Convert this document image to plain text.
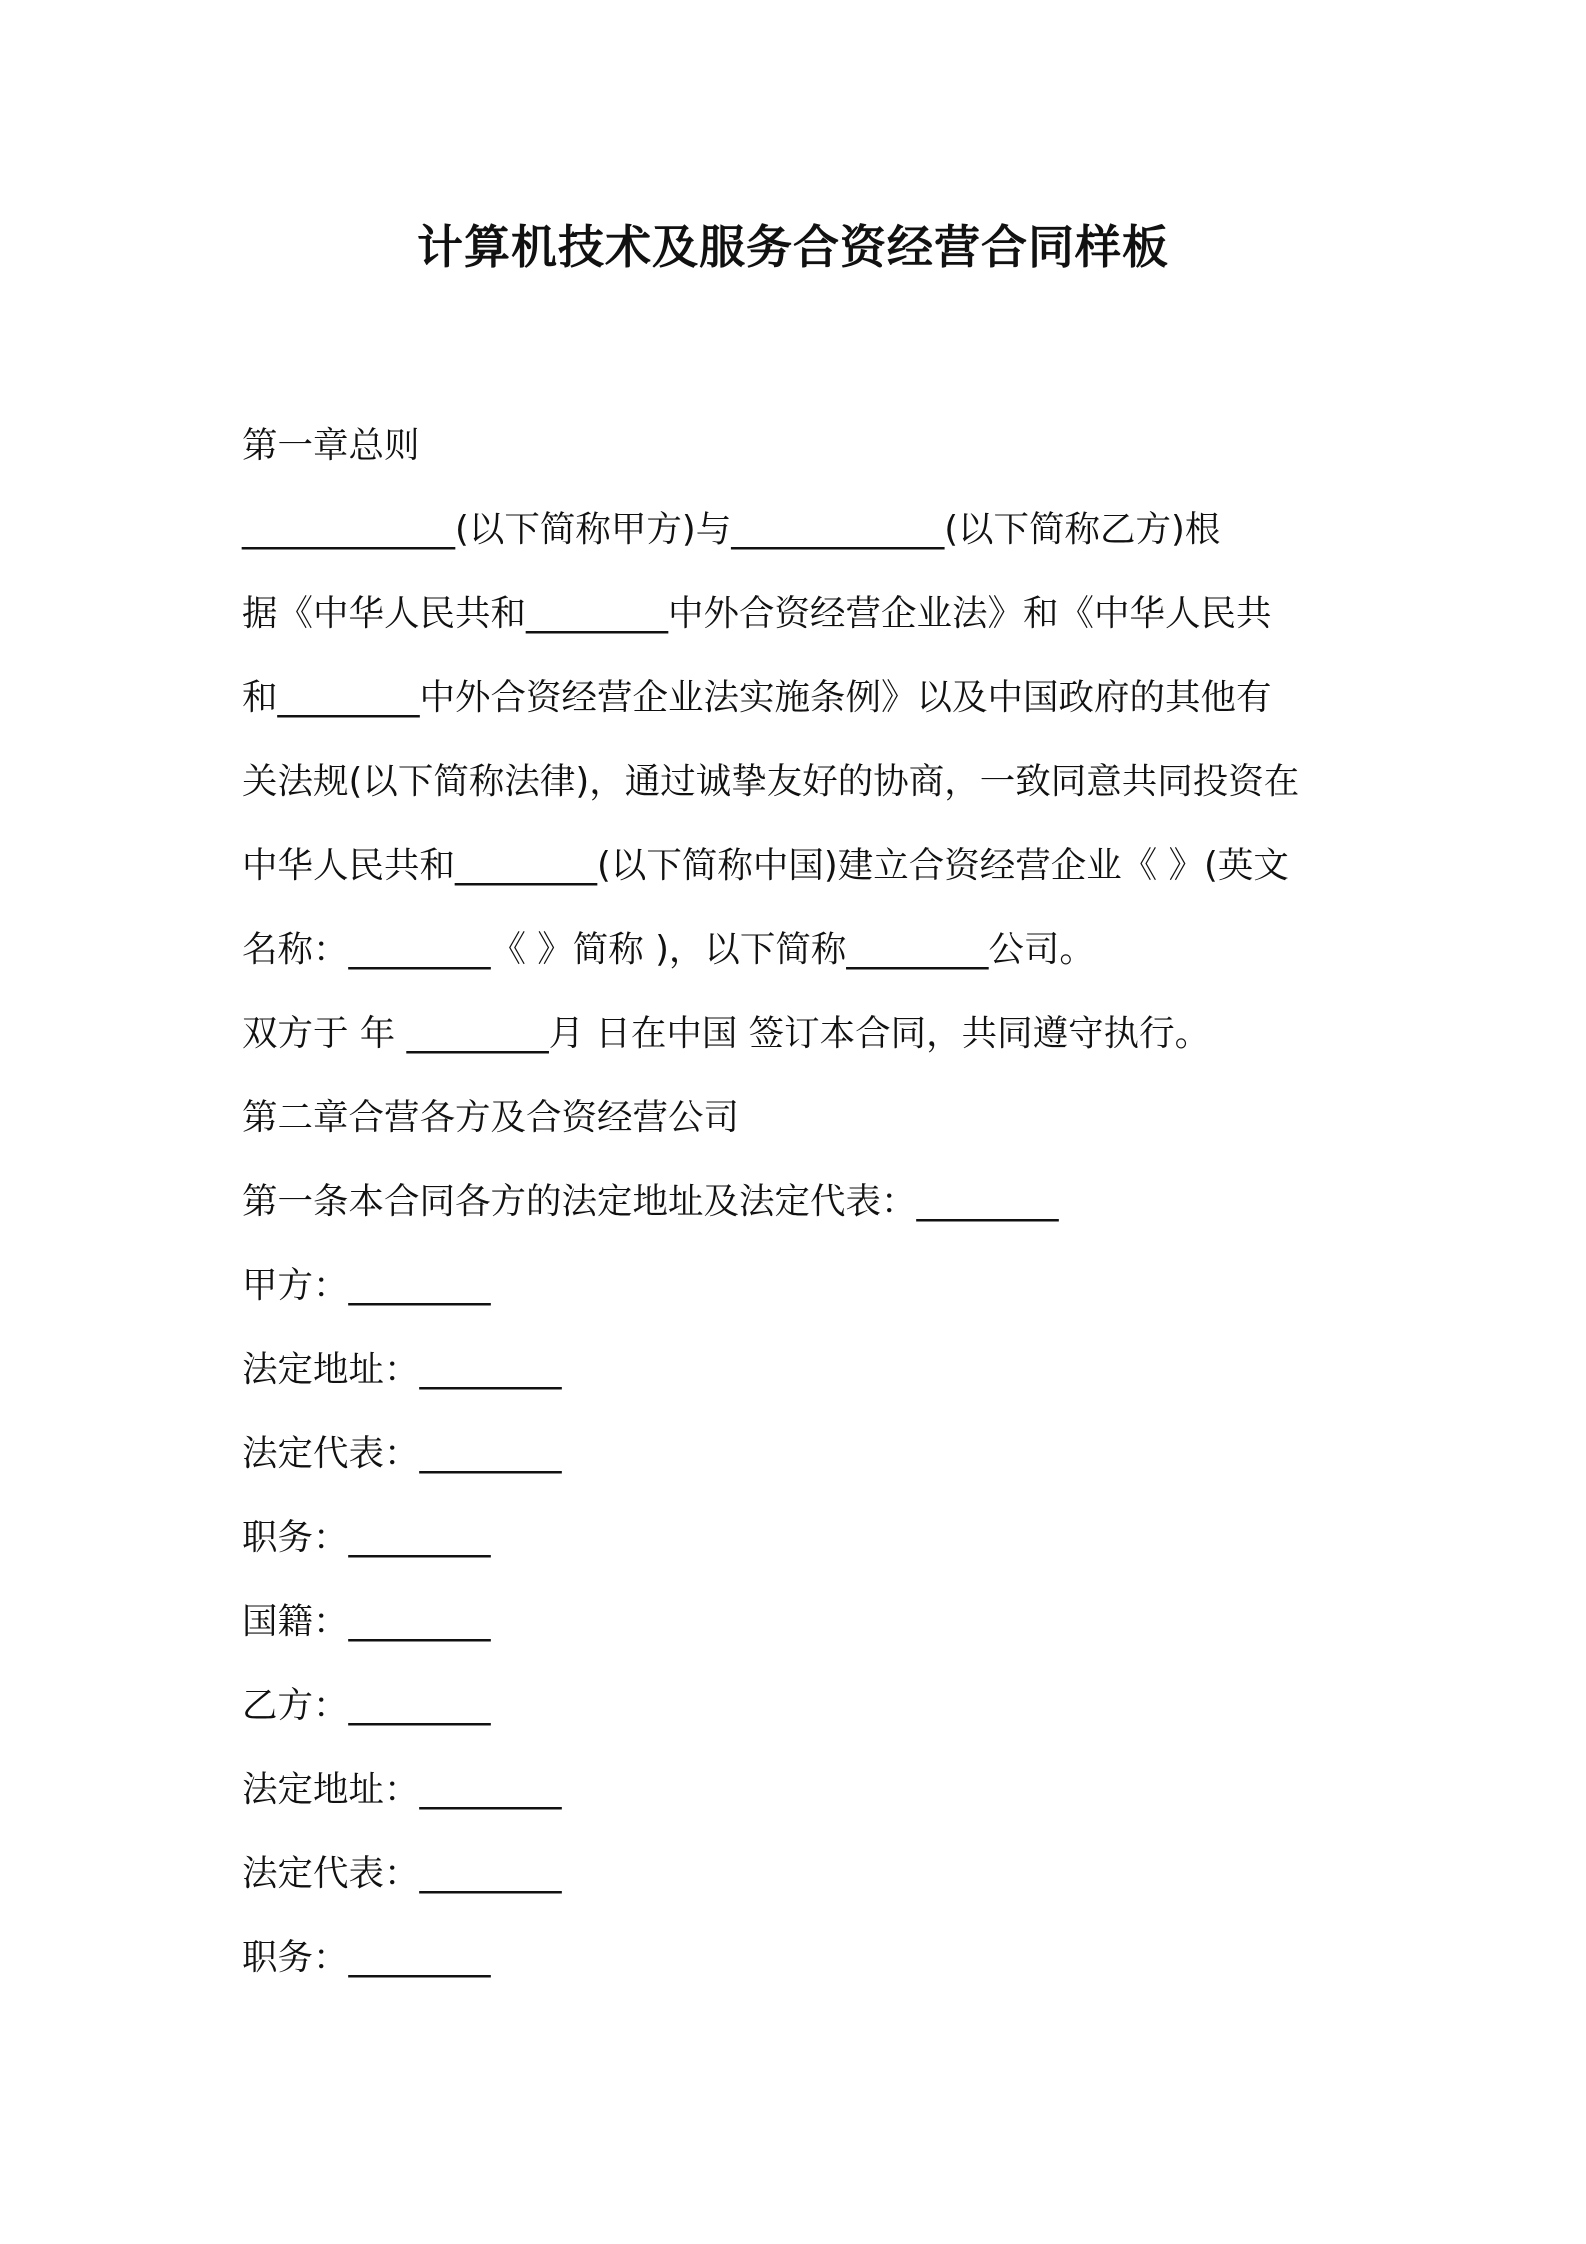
计算机技术及服务合资经营合同样板

第一章总则

____________(以下简称甲方)与____________(以下简称乙方)根

据《中华人民共和________中外合资经营企业法》和《中华人民共

和________中外合资经营企业法实施条例》以及中国政府的其他有

关法规(以下简称法律)，通过诚挚友好的协商，一致同意共同投资在

中华人民共和________(以下简称中国)建立合资经营企业《 》(英文

名称：________《 》简称 )，以下简称________公司。

双方于 年 ________月 日在中国 签订本合同，共同遵守执行。

第二章合营各方及合资经营公司

第一条本合同各方的法定地址及法定代表：________

甲方：________

法定地址：________

法定代表：________

职务：________

国籍：________

乙方：________

法定地址：________

法定代表：________

职务：________
